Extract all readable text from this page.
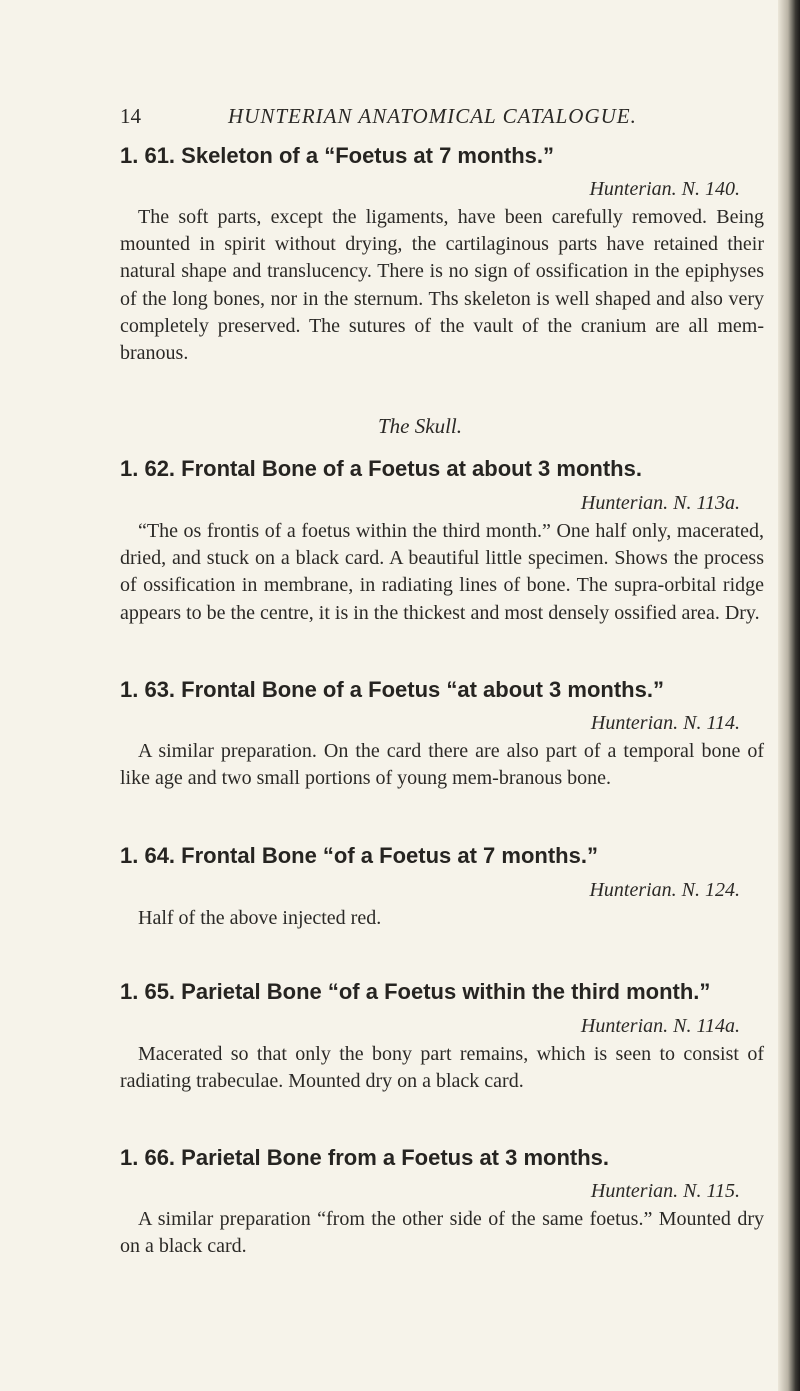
14	HUNTERIAN ANATOMICAL CATALOGUE.
1. 61. Skeleton of a “Foetus at 7 months.”
Hunterian. N. 140.
The soft parts, except the ligaments, have been carefully removed. Being mounted in spirit without drying, the cartilaginous parts have retained their natural shape and translucency. There is no sign of ossification in the epiphyses of the long bones, nor in the sternum. Ths skeleton is well shaped and also very completely preserved. The sutures of the vault of the cranium are all mem-branous.
The Skull.
1. 62. Frontal Bone of a Foetus at about 3 months.
Hunterian. N. 113a.
“The os frontis of a foetus within the third month.” One half only, macerated, dried, and stuck on a black card. A beautiful little specimen. Shows the process of ossification in membrane, in radiating lines of bone. The supra-orbital ridge appears to be the centre, it is in the thickest and most densely ossified area. Dry.
1. 63. Frontal Bone of a Foetus “at about 3 months.”
Hunterian. N. 114.
A similar preparation. On the card there are also part of a temporal bone of like age and two small portions of young mem-branous bone.
1. 64. Frontal Bone “of a Foetus at 7 months.”
Hunterian. N. 124.
Half of the above injected red.
1. 65. Parietal Bone “of a Foetus within the third month.”
Hunterian. N. 114a.
Macerated so that only the bony part remains, which is seen to consist of radiating trabeculae. Mounted dry on a black card.
1. 66. Parietal Bone from a Foetus at 3 months.
Hunterian. N. 115.
A similar preparation “from the other side of the same foetus.” Mounted dry on a black card.
